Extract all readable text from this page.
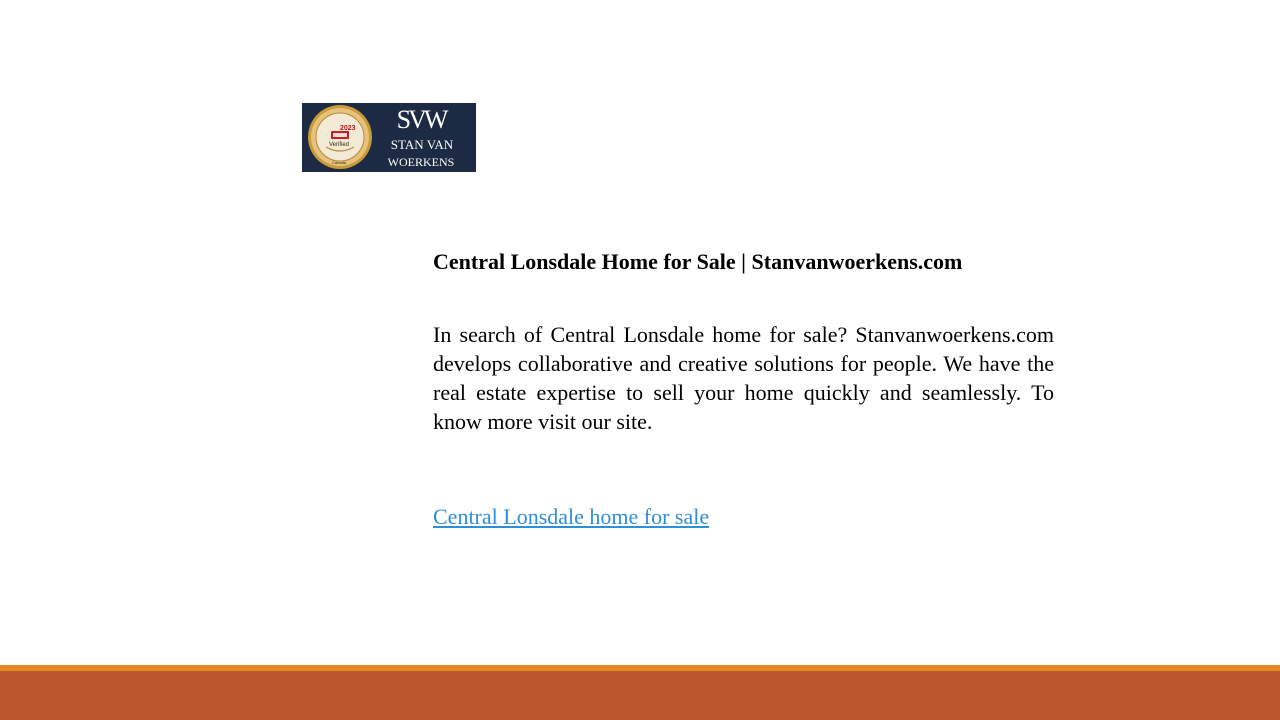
2023
Verified
Canada
SVW
STAN VAN
WOERKENS
Central Lonsdale Home for Sale | Stanvanwoerkens.com

In search of Central Lonsdale home for sale? Stanvanwoerkens.com develops collaborative and creative solutions for people. We have the real estate expertise to sell your home quickly and seamlessly. To know more visit our site.

Central Lonsdale home for sale
